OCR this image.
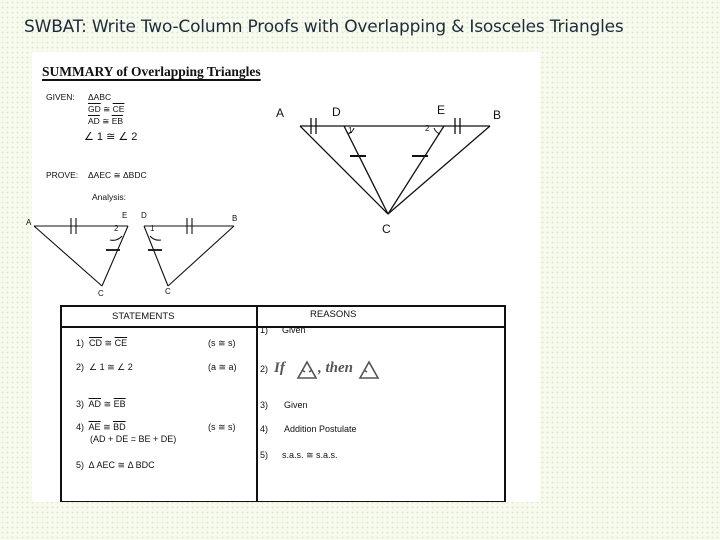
SWBAT: Write Two-Column Proofs with Overlapping & Isosceles Triangles
SUMMARY of Overlapping Triangles
GIVEN: ΔABC
$\overline{GD}$ ≅ $\overline{CE}$
$\overline{AD}$ ≅ $\overline{EB}$
∠ 1 ≅ ∠ 2
PROVE: ΔAEC ≅ ΔBDC
Analysis:
A	D	E	B
C
1	2
A
E D	B
C	C
2	1
STATEMENTS	REASONS
1) $\overline{CD}$ ≅ $\overline{CE}$	(s ≅ s)
1) Given
2) ∠ 1 ≅ ∠ 2	(a ≅ a)	2) If , then
3) $\overline{AD}$ ≅ $\overline{EB}$	3) Given
4) $\overline{AE}$ ≅ $\overline{BD}$	(s ≅ s)
(AD + DE = BE + DE)
4) Addition Postulate
5) Δ AEC ≅ Δ BDC
5) s.a.s. ≅ s.a.s.
